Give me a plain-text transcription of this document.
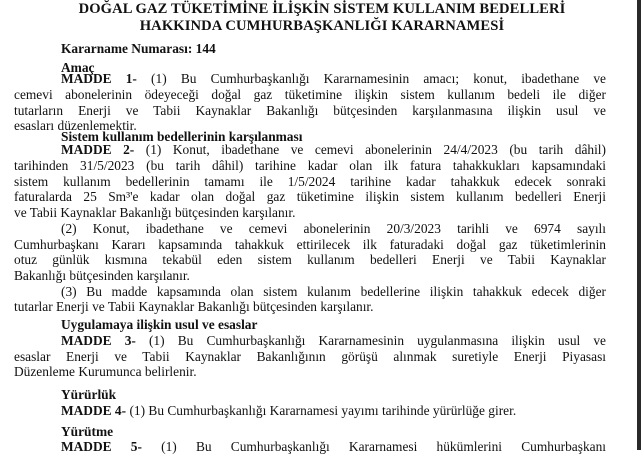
DOĞAL GAZ TÜKETİMİNE İLİŞKİN SİSTEM KULLANIM BEDELLERİ
HAKKINDA CUMHURBAŞKANLIĞI KARARNAMESİ
Kararname Numarası: 144
Amaç
MADDE 1- (1) Bu Cumhurbaşkanlığı Kararnamesinin amacı; konut, ibadethane ve
cemevi abonelerinin ödeyeceği doğal gaz tüketimine ilişkin sistem kullanım bedeli ile diğer
tutarların Enerji ve Tabii Kaynaklar Bakanlığı bütçesinden karşılanmasına ilişkin usul ve
esasları düzenlemektir.
Sistem kullanım bedellerinin karşılanması
MADDE 2- (1) Konut, ibadethane ve cemevi abonelerinin 24/4/2023 (bu tarih dâhil)
tarihinden 31/5/2023 (bu tarih dâhil) tarihine kadar olan ilk fatura tahakkukları kapsamındaki
sistem kullanım bedellerinin tamamı ile 1/5/2024 tarihine kadar tahakkuk edecek sonraki
faturalarda 25 Sm³'e kadar olan doğal gaz tüketimine ilişkin sistem kullanım bedelleri Enerji
ve Tabii Kaynaklar Bakanlığı bütçesinden karşılanır.
(2) Konut, ibadethane ve cemevi abonelerinin 20/3/2023 tarihli ve 6974 sayılı
Cumhurbaşkanı Kararı kapsamında tahakkuk ettirilecek ilk faturadaki doğal gaz tüketimlerinin
otuz günlük kısmına tekabül eden sistem kullanım bedelleri Enerji ve Tabii Kaynaklar
Bakanlığı bütçesinden karşılanır.
(3) Bu madde kapsamında olan sistem kulanım bedellerine ilişkin tahakkuk edecek diğer
tutarlar Enerji ve Tabii Kaynaklar Bakanlığı bütçesinden karşılanır.
Uygulamaya ilişkin usul ve esaslar
MADDE 3- (1) Bu Cumhurbaşkanlığı Kararnamesinin uygulanmasına ilişkin usul ve
esaslar Enerji ve Tabii Kaynaklar Bakanlığının görüşü alınmak suretiyle Enerji Piyasası
Düzenleme Kurumunca belirlenir.
Yürürlük
MADDE 4- (1) Bu Cumhurbaşkanlığı Kararnamesi yayımı tarihinde yürürlüğe girer.
Yürütme
MADDE 5- (1) Bu Cumhurbaşkanlığı Kararnamesi hükümlerini Cumhurbaşkanı
